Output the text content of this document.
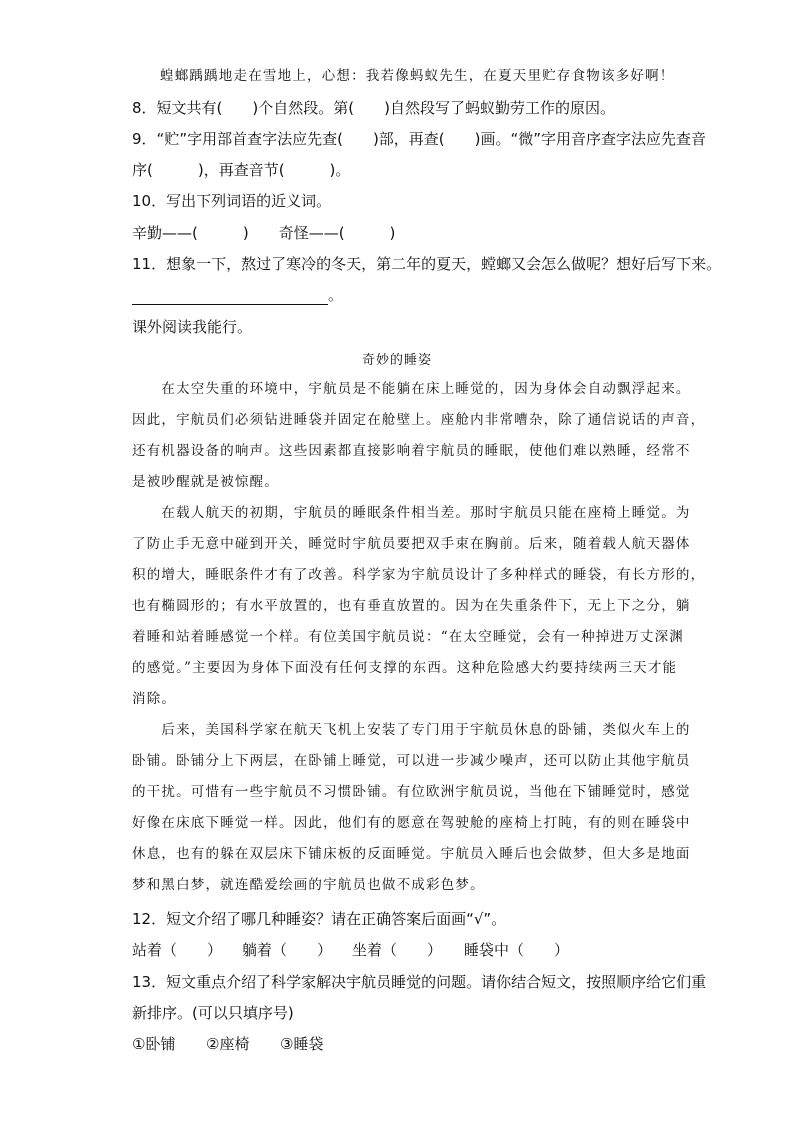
蝗螂踽踽地走在雪地上，心想：我若像蚂蚁先生，在夏天里贮存食物该多好啊！
8．短文共有(　　)个自然段。第(　　)自然段写了蚂蚁勤劳工作的原因。
9．“贮”字用部首查字法应先查(　　)部，再查(　　)画。“微”字用音序查字法应先查音
序(　　　)，再查音节(　　　)。
10．写出下列词语的近义词。
辛勤——(　　　)　　奇怪——(　　　)
11．想象一下，熬过了寒冷的冬天，第二年的夏天，螳螂又会怎么做呢？想好后写下来。
。
课外阅读我能行。
奇妙的睡姿
　　在太空失重的环境中，宇航员是不能躺在床上睡觉的，因为身体会自动飘浮起来。
因此，宇航员们必须钻进睡袋并固定在舱壁上。座舱内非常嘈杂，除了通信说话的声音，
还有机器设备的响声。这些因素都直接影响着宇航员的睡眠，使他们难以熟睡，经常不
是被吵醒就是被惊醒。
　　在载人航天的初期，宇航员的睡眠条件相当差。那时宇航员只能在座椅上睡觉。为
了防止手无意中碰到开关，睡觉时宇航员要把双手束在胸前。后来，随着载人航天器体
积的增大，睡眠条件才有了改善。科学家为宇航员设计了多种样式的睡袋，有长方形的，
也有椭圆形的；有水平放置的，也有垂直放置的。因为在失重条件下，无上下之分，躺
着睡和站着睡感觉一个样。有位美国宇航员说：“在太空睡觉，会有一种掉进万丈深渊
的感觉。”主要因为身体下面没有任何支撑的东西。这种危险感大约要持续两三天才能
消除。
　　后来，美国科学家在航天飞机上安装了专门用于宇航员休息的卧铺，类似火车上的
卧铺。卧铺分上下两层，在卧铺上睡觉，可以进一步减少噪声，还可以防止其他宇航员
的干扰。可惜有一些宇航员不习惯卧铺。有位欧洲宇航员说，当他在下铺睡觉时，感觉
好像在床底下睡觉一样。因此，他们有的愿意在驾驶舱的座椅上打盹，有的则在睡袋中
休息，也有的躲在双层床下铺床板的反面睡觉。宇航员入睡后也会做梦，但大多是地面
梦和黑白梦，就连酷爱绘画的宇航员也做不成彩色梦。
12．短文介绍了哪几种睡姿？请在正确答案后面画“√”。
站着（　　） 躺着（　　） 坐着（　　） 睡袋中（　　）
13．短文重点介绍了科学家解决宇航员睡觉的问题。请你结合短文，按照顺序给它们重
新排序。(可以只填序号)
①卧铺 ②座椅 ③睡袋
